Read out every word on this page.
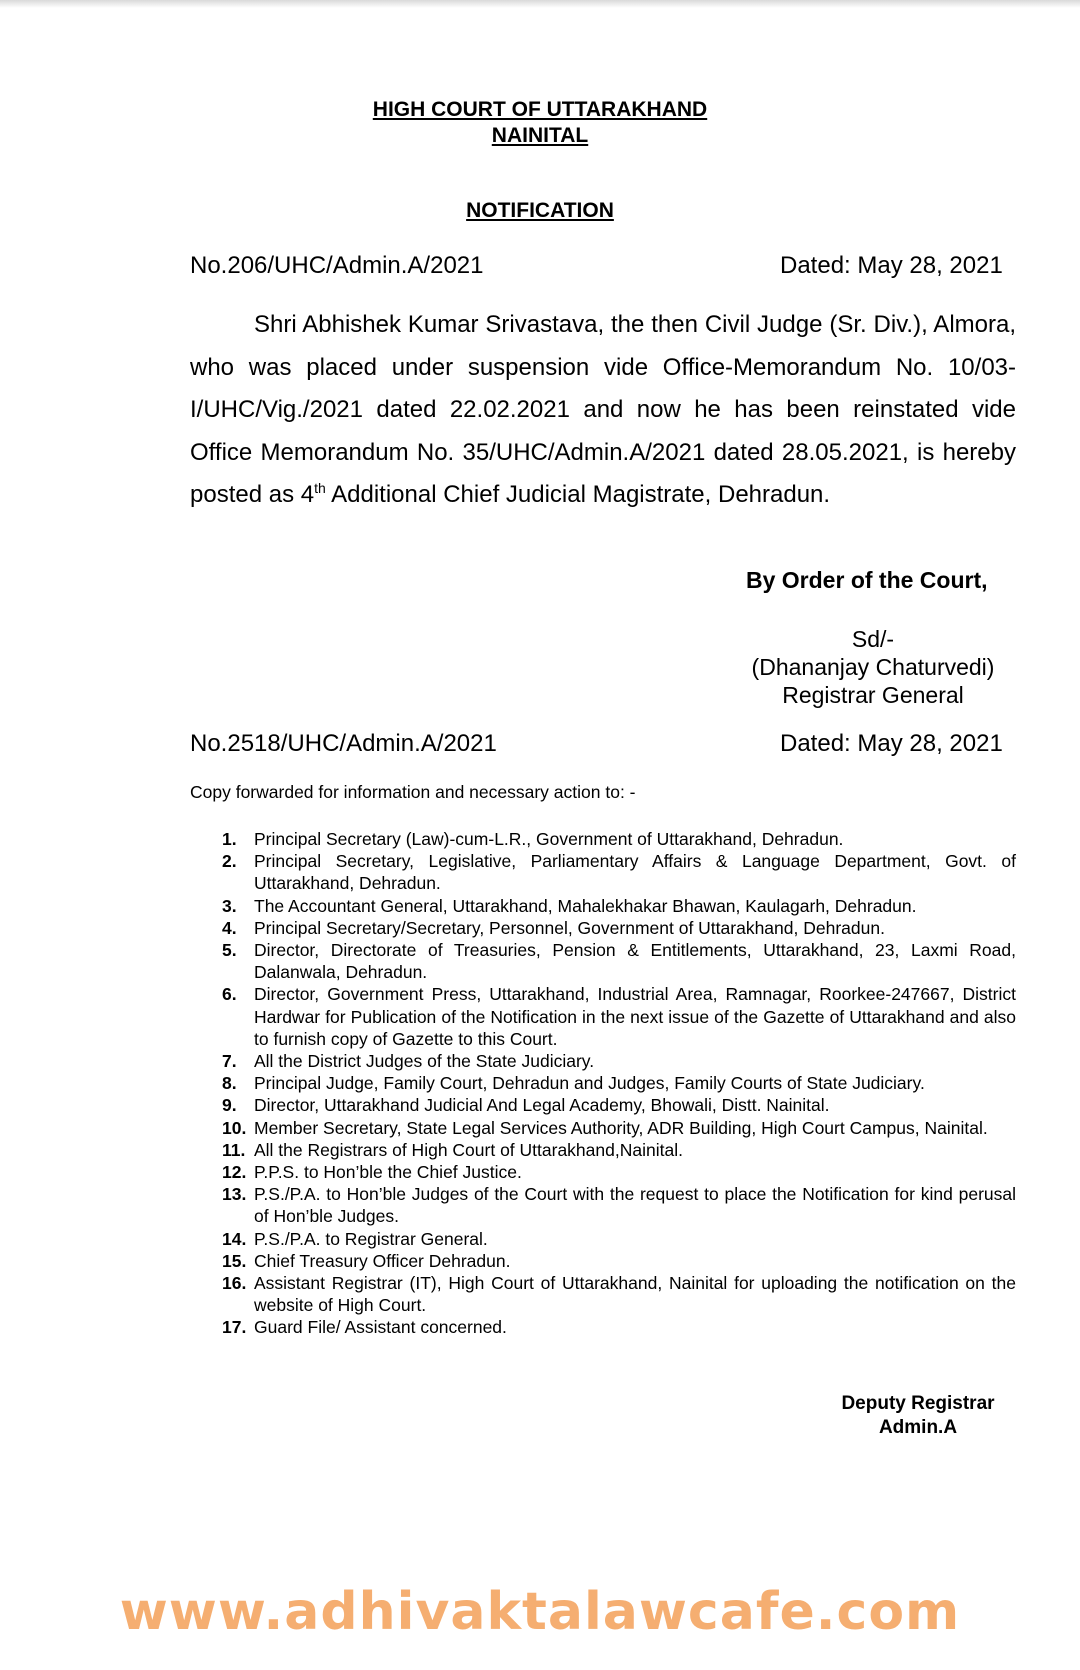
HIGH COURT OF UTTARAKHAND
NAINITAL
NOTIFICATION

No.206/UHC/Admin.A/2021	Dated: May 28, 2021

Shri Abhishek Kumar Srivastava, the then Civil Judge (Sr. Div.), Almora, who was placed under suspension vide Office-Memorandum No. 10/03-I/UHC/Vig./2021 dated 22.02.2021 and now he has been reinstated vide Office Memorandum No. 35/UHC/Admin.A/2021 dated 28.05.2021, is hereby posted as 4th Additional Chief Judicial Magistrate, Dehradun.

By Order of the Court,

Sd/-
(Dhananjay Chaturvedi)
Registrar General

No.2518/UHC/Admin.A/2021	Dated: May 28, 2021

Copy forwarded for information and necessary action to: -

1. Principal Secretary (Law)-cum-L.R., Government of Uttarakhand, Dehradun.
2. Principal Secretary, Legislative, Parliamentary Affairs & Language Department, Govt. of Uttarakhand, Dehradun.
3. The Accountant General, Uttarakhand, Mahalekhakar Bhawan, Kaulagarh, Dehradun.
4. Principal Secretary/Secretary, Personnel, Government of Uttarakhand, Dehradun.
5. Director, Directorate of Treasuries, Pension & Entitlements, Uttarakhand, 23, Laxmi Road, Dalanwala, Dehradun.
6. Director, Government Press, Uttarakhand, Industrial Area, Ramnagar, Roorkee-247667, District Hardwar for Publication of the Notification in the next issue of the Gazette of Uttarakhand and also to furnish copy of Gazette to this Court.
7. All the District Judges of the State Judiciary.
8. Principal Judge, Family Court, Dehradun and Judges, Family Courts of State Judiciary.
9. Director, Uttarakhand Judicial And Legal Academy, Bhowali, Distt. Nainital.
10. Member Secretary, State Legal Services Authority, ADR Building, High Court Campus, Nainital.
11. All the Registrars of High Court of Uttarakhand,Nainital.
12. P.P.S. to Hon’ble the Chief Justice.
13. P.S./P.A. to Hon’ble Judges of the Court with the request to place the Notification for kind perusal of Hon’ble Judges.
14. P.S./P.A. to Registrar General.
15. Chief Treasury Officer Dehradun.
16. Assistant Registrar (IT), High Court of Uttarakhand, Nainital for uploading the notification on the website of High Court.
17. Guard File/ Assistant concerned.
Deputy Registrar
Admin.A
www.adhivaktalawcafe.com
